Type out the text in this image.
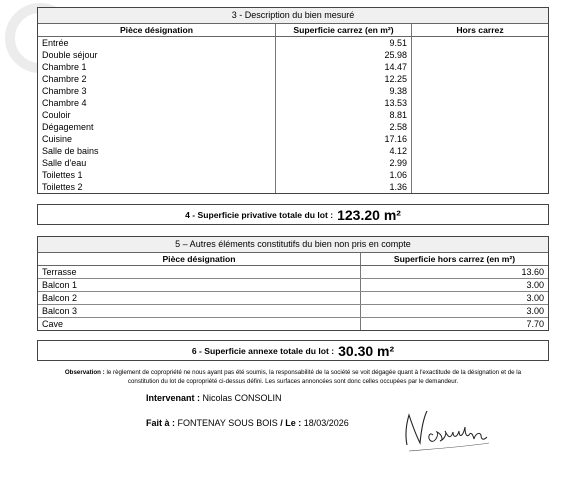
3 - Description du bien mesuré
Pièce désignation	Superficie carrez (en m²)	Hors carrez
Entrée	9.51
Double séjour	25.98
Chambre 1	14.47
Chambre 2	12.25
Chambre 3	9.38
Chambre 4	13.53
Couloir	8.81
Dégagement	2.58
Cuisine	17.16
Salle de bains	4.12
Salle d'eau	2.99
Toilettes 1	1.06
Toilettes 2	1.36
4 - Superficie privative totale du lot : 123.20 m²
5 – Autres éléments constitutifs du bien non pris en compte
Pièce désignation	Superficie hors carrez (en m²)
Terrasse	13.60
Balcon 1	3.00
Balcon 2	3.00
Balcon 3	3.00
Cave	7.70
6 - Superficie annexe totale du lot : 30.30 m²
Observation : le règlement de copropriété ne nous ayant pas été soumis, la responsabilité de la société se voit dégagée quant à l'exactitude de la désignation et de la constitution du lot de copropriété ci-dessus défini. Les surfaces annoncées sont donc celles occupées par le demandeur.
Intervenant : Nicolas CONSOLIN
Fait à : FONTENAY SOUS BOIS / Le : 18/03/2026
